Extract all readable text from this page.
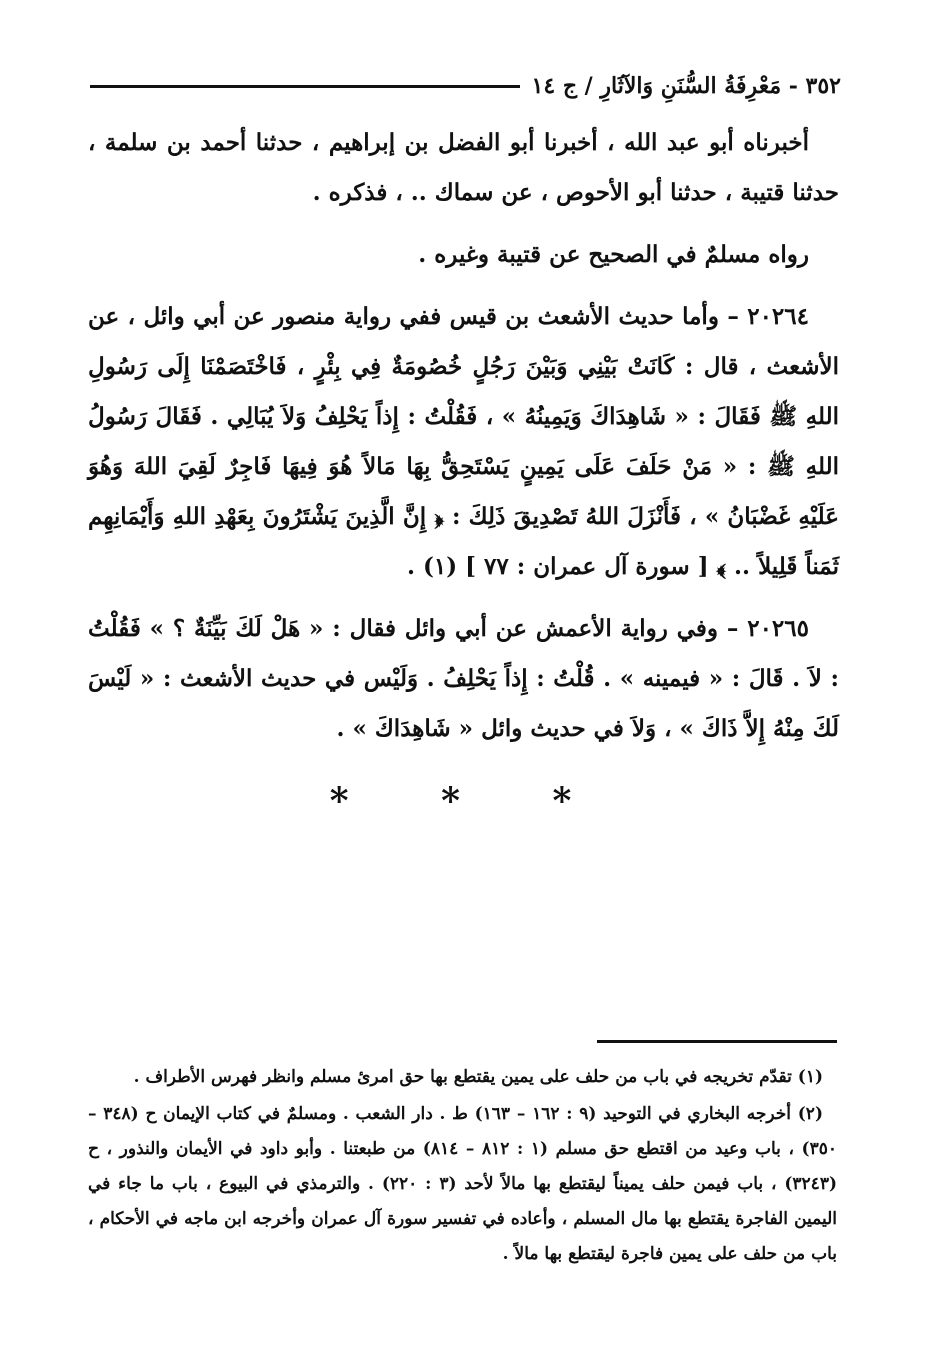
٣٥٢ - مَعْرِفَةُ السُّنَنِ وَالآثَارِ / ج ١٤

أخبرناه أبو عبد الله ، أخبرنا أبو الفضل بن إبراهيم ، حدثنا أحمد بن سلمة ، حدثنا قتيبة ، حدثنا أبو الأحوص ، عن سماك .. ، فذكره .

رواه مسلمٌ في الصحيح عن قتيبة وغيره .

٢٠٢٦٤ – وأما حديث الأشعث بن قيس ففي رواية منصور عن أبي وائل ، عن الأشعث ، قال : كَانَتْ بَيْنِي وَبَيْنَ رَجُلٍ خُصُومَةٌ فِي بِئْرٍ ، فَاخْتَصَمْنَا إِلَى رَسُولِ اللهِ ﷺ فَقَالَ : « شَاهِدَاكَ وَيَمِينُهُ » ، فَقُلْتُ : إِذاً يَحْلِفُ وَلاَ يُبَالِي . فَقَالَ رَسُولُ اللهِ ﷺ : « مَنْ حَلَفَ عَلَى يَمِينٍ يَسْتَحِقُّ بِهَا مَالاً هُوَ فِيهَا فَاجِرٌ لَقِيَ اللهَ وَهُوَ عَلَيْهِ غَضْبَانُ » ، فَأَنْزَلَ اللهُ تَصْدِيقَ ذَلِكَ : ﴿ إِنَّ الَّذِينَ يَشْتَرُونَ بِعَهْدِ اللهِ وَأَيْمَانِهِم ثَمَناً قَلِيلاً .. ﴾ [ سورة آل عمران : ٧٧ ] (١) .

٢٠٢٦٥ – وفي رواية الأعمش عن أبي وائل فقال : « هَلْ لَكَ بَيِّنَةٌ ؟ » فَقُلْتُ : لاَ . قَالَ : « فيمينه » . قُلْتُ : إِذاً يَحْلِفُ . وَلَيْس في حديث الأشعث : « لَيْسَ لَكَ مِنْهُ إِلاَّ ذَاكَ » ، وَلاَ في حديث وائل « شَاهِدَاكَ » .

* * *

(١) تقدّم تخريجه في باب من حلف على يمين يقتطع بها حق امرئ مسلم وانظر فهرس الأطراف .

(٢) أخرجه البخاري في التوحيد (٩ : ١٦٢ – ١٦٣) ط . دار الشعب . ومسلمٌ في كتاب الإيمان ح (٣٤٨ – ٣٥٠) ، باب وعيد من اقتطع حق مسلم (١ : ٨١٢ – ٨١٤) من طبعتنا . وأبو داود في الأيمان والنذور ، ح (٣٢٤٣) ، باب فيمن حلف يميناً ليقتطع بها مالاً لأحد (٣ : ٢٢٠) . والترمذي في البيوع ، باب ما جاء في اليمين الفاجرة يقتطع بها مال المسلم ، وأعاده في تفسير سورة آل عمران وأخرجه ابن ماجه في الأحكام ، باب من حلف على يمين فاجرة ليقتطع بها مالاً .
